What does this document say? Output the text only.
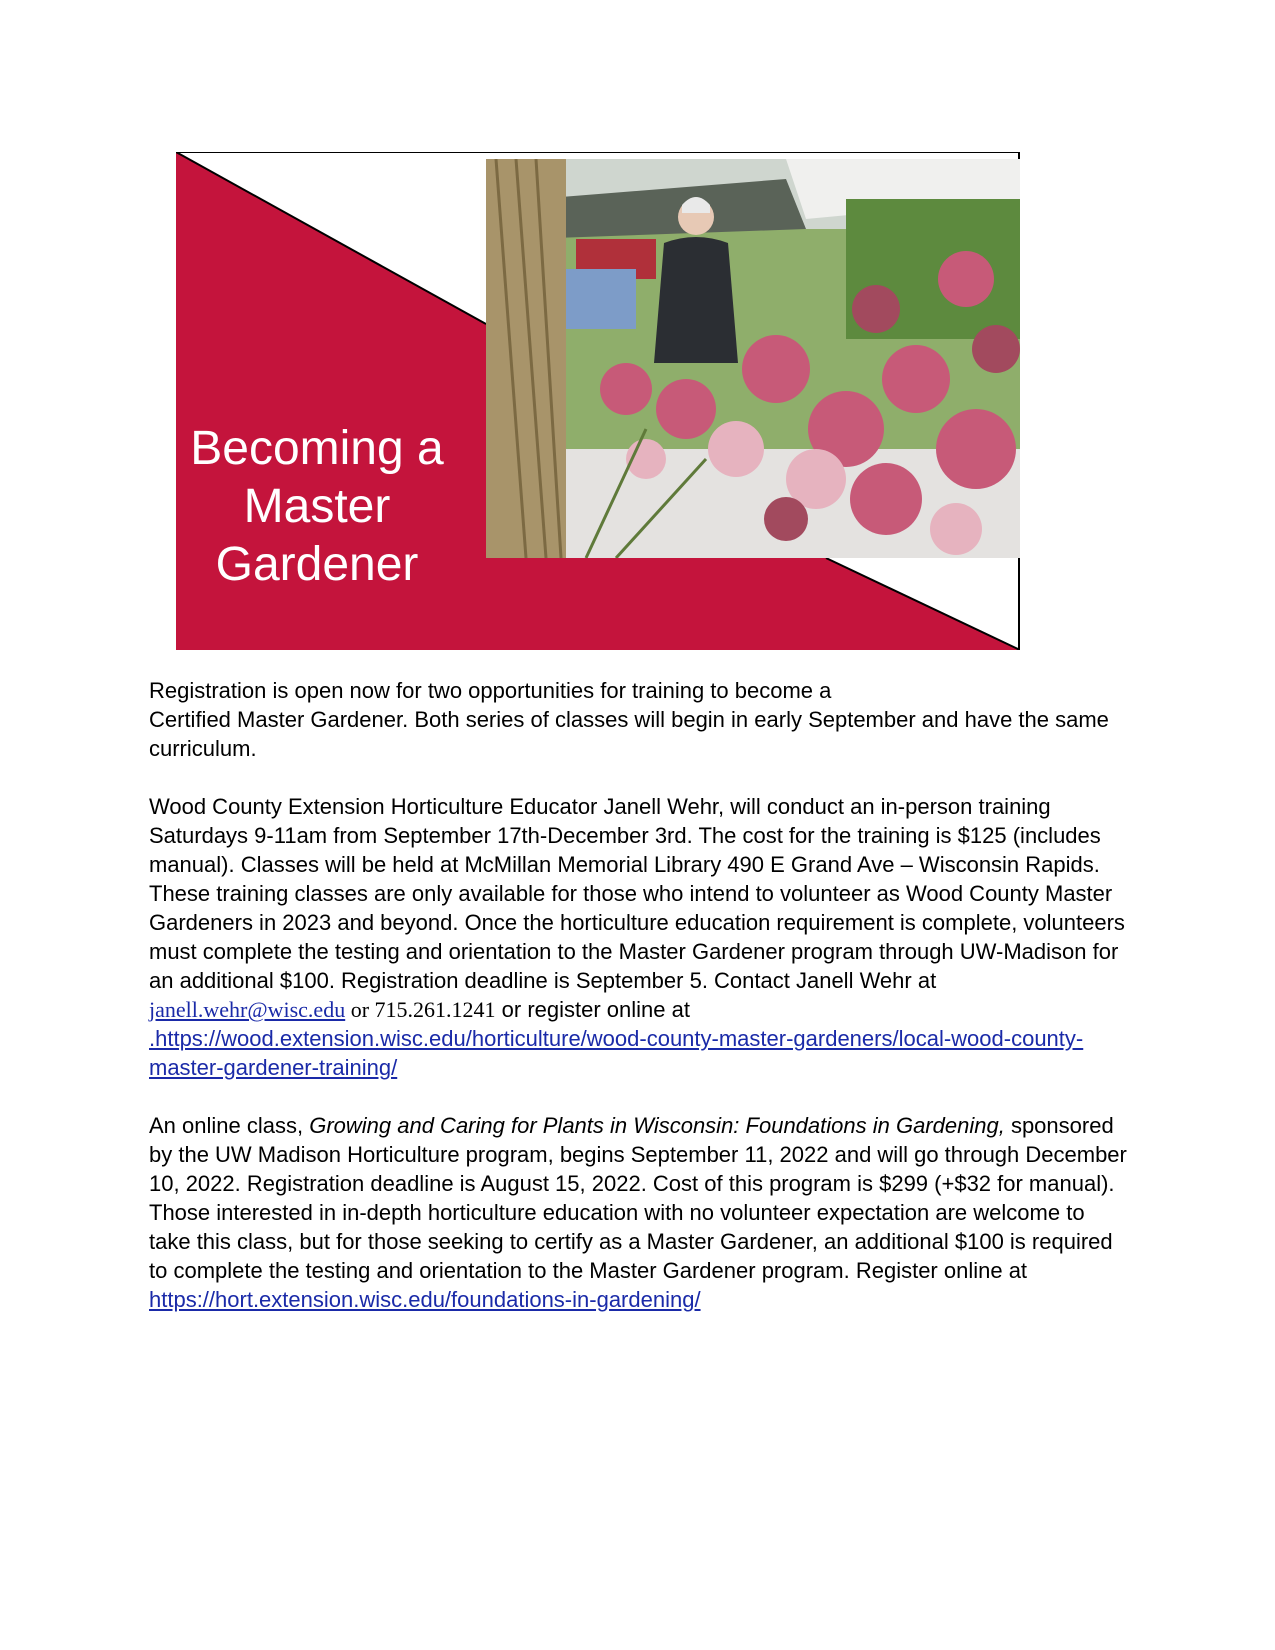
Becoming a
Master
Gardener

Registration is open now for two opportunities for training to become a
Certified Master Gardener. Both series of classes will begin in early September and have the same curriculum.

Wood County Extension Horticulture Educator Janell Wehr, will conduct an in-person training Saturdays 9-11am from September 17th-December 3rd. The cost for the training is $125 (includes manual). Classes will be held at McMillan Memorial Library 490 E Grand Ave – Wisconsin Rapids. These training classes are only available for those who intend to volunteer as Wood County Master Gardeners in 2023 and beyond. Once the horticulture education requirement is complete, volunteers must complete the testing and orientation to the Master Gardener program through UW-Madison for an additional $100. Registration deadline is September 5. Contact Janell Wehr at janell.wehr@wisc.edu or 715.261.1241 or register online at .https://wood.extension.wisc.edu/horticulture/wood-county-master-gardeners/local-wood-county-master-gardener-training/

An online class, Growing and Caring for Plants in Wisconsin: Foundations in Gardening, sponsored by the UW Madison Horticulture program, begins September 11, 2022 and will go through December 10, 2022. Registration deadline is August 15, 2022. Cost of this program is $299 (+$32 for manual). Those interested in in-depth horticulture education with no volunteer expectation are welcome to take this class, but for those seeking to certify as a Master Gardener, an additional $100 is required to complete the testing and orientation to the Master Gardener program. Register online at https://hort.extension.wisc.edu/foundations-in-gardening/
